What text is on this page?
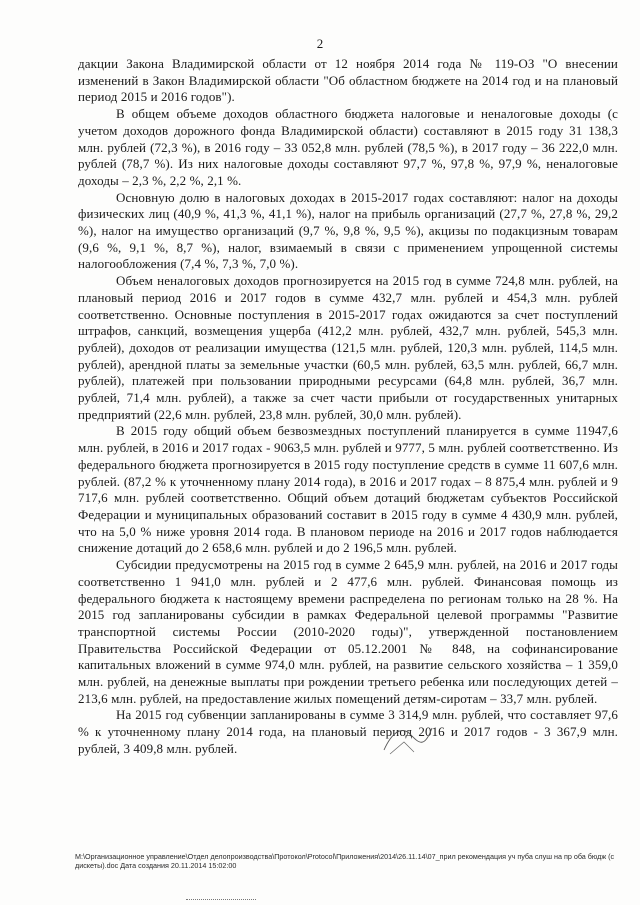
2

дакции Закона Владимирской области от 12 ноября 2014 года № 119-ОЗ "О внесении изменений в Закон Владимирской области "Об областном бюджете на 2014 год и на плановый период 2015 и 2016 годов").

В общем объеме доходов областного бюджета налоговые и неналоговые доходы (с учетом доходов дорожного фонда Владимирской области) составляют в 2015 году 31 138,3 млн. рублей (72,3 %), в 2016 году – 33 052,8 млн. рублей (78,5 %), в 2017 году – 36 222,0 млн. рублей (78,7 %). Из них налоговые доходы составляют 97,7 %, 97,8 %, 97,9 %, неналоговые доходы – 2,3 %, 2,2 %, 2,1 %.

Основную долю в налоговых доходах в 2015-2017 годах составляют: налог на доходы физических лиц (40,9 %, 41,3 %, 41,1 %), налог на прибыль организаций (27,7 %, 27,8 %, 29,2 %), налог на имущество организаций (9,7 %, 9,8 %, 9,5 %), акцизы по подакцизным товарам (9,6 %, 9,1 %, 8,7 %), налог, взимаемый в связи с применением упрощенной системы налогообложения (7,4 %, 7,3 %, 7,0 %).

Объем неналоговых доходов прогнозируется на 2015 год в сумме 724,8 млн. рублей, на плановый период 2016 и 2017 годов в сумме 432,7 млн. рублей и 454,3 млн. рублей соответственно. Основные поступления в 2015-2017 годах ожидаются за счет поступлений штрафов, санкций, возмещения ущерба (412,2 млн. рублей, 432,7 млн. рублей, 545,3 млн. рублей), доходов от реализации имущества (121,5 млн. рублей, 120,3 млн. рублей, 114,5 млн. рублей), арендной платы за земельные участки (60,5 млн. рублей, 63,5 млн. рублей, 66,7 млн. рублей), платежей при пользовании природными ресурсами (64,8 млн. рублей, 36,7 млн. рублей, 71,4 млн. рублей), а также за счет части прибыли от государственных унитарных предприятий (22,6 млн. рублей, 23,8 млн. рублей, 30,0 млн. рублей).

В 2015 году общий объем безвозмездных поступлений планируется в сумме 11947,6 млн. рублей, в 2016 и 2017 годах - 9063,5 млн. рублей и 9777, 5 млн. рублей соответственно. Из федерального бюджета прогнозируется в 2015 году поступление средств в сумме 11 607,6 млн. рублей. (87,2 % к уточненному плану 2014 года), в 2016 и 2017 годах – 8 875,4 млн. рублей и 9 717,6 млн. рублей соответственно. Общий объем дотаций бюджетам субъектов Российской Федерации и муниципальных образований составит в 2015 году в сумме 4 430,9 млн. рублей, что на 5,0 % ниже уровня 2014 года. В плановом периоде на 2016 и 2017 годов наблюдается снижение дотаций до 2 658,6 млн. рублей и до 2 196,5 млн. рублей.

Субсидии предусмотрены на 2015 год в сумме 2 645,9 млн. рублей, на 2016 и 2017 годы соответственно 1 941,0 млн. рублей и 2 477,6 млн. рублей. Финансовая помощь из федерального бюджета к настоящему времени распределена по регионам только на 28 %. На 2015 год запланированы субсидии в рамках Федеральной целевой программы "Развитие транспортной системы России (2010-2020 годы)", утвержденной постановлением Правительства Российской Федерации от 05.12.2001 № 848, на софинансирование капитальных вложений в сумме 974,0 млн. рублей, на развитие сельского хозяйства – 1 359,0 млн. рублей, на денежные выплаты при рождении третьего ребенка или последующих детей – 213,6 млн. рублей, на предоставление жилых помещений детям-сиротам – 33,7 млн. рублей.

На 2015 год субвенции запланированы в сумме 3 314,9 млн. рублей, что составляет 97,6 % к уточненному плану 2014 года, на плановый период 2016 и 2017 годов - 3 367,9 млн. рублей, 3 409,8 млн. рублей.

M:\Организационное управление\Отдел делопроизводства\Протокол\Protocol\Приложения\2014\26.11.14\07_прил рекомендация уч пуба слуш на пр оба бюдж (с дискеты).doc Дата создания 20.11.2014 15:02:00
